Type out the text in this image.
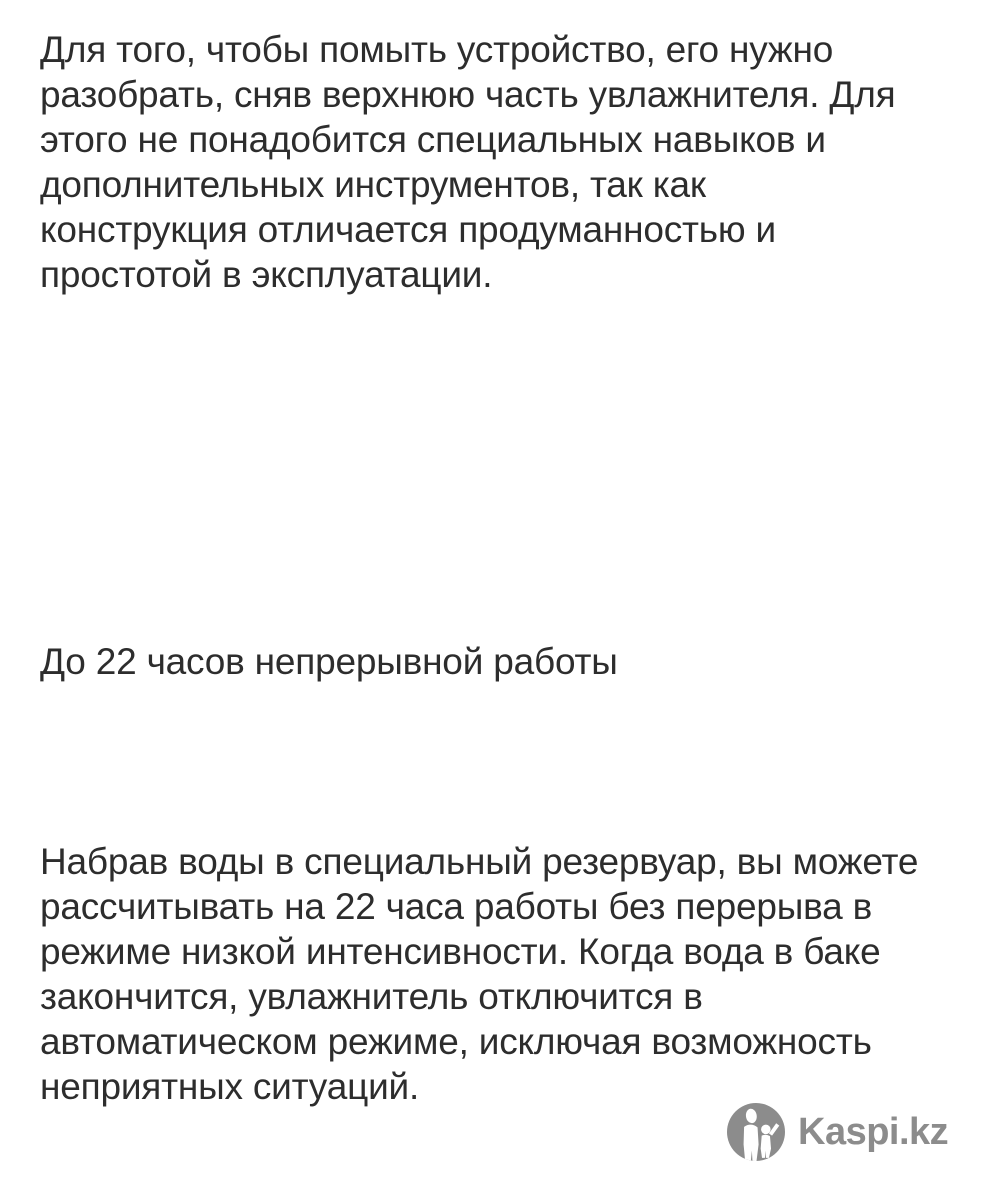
Для того, чтобы помыть устройство, его нужно
разобрать, сняв верхнюю часть увлажнителя. Для
этого не понадобится специальных навыков и
дополнительных инструментов, так как
конструкция отличается продуманностью и
простотой в эксплуатации.
До 22 часов непрерывной работы
Набрав воды в специальный резервуар, вы можете
рассчитывать на 22 часа работы без перерыва в
режиме низкой интенсивности. Когда вода в баке
закончится, увлажнитель отключится в
автоматическом режиме, исключая возможность
неприятных ситуаций.
Kaspi.kz
